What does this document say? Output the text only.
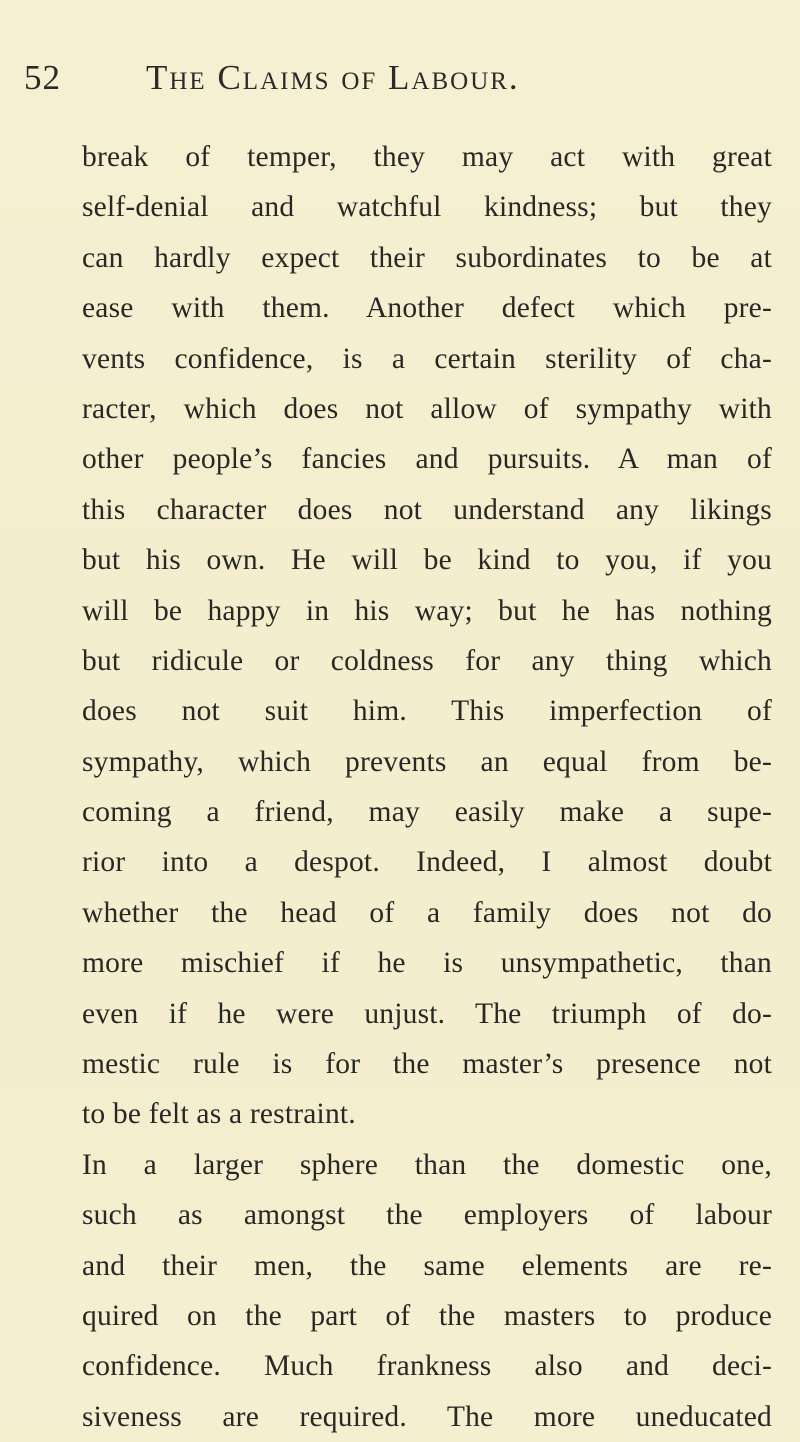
52 The Claims of Labour.
break of temper, they may act with great
self-denial and watchful kindness; but they
can hardly expect their subordinates to be at
ease with them. Another defect which pre-
vents confidence, is a certain sterility of cha-
racter, which does not allow of sympathy with
other people’s fancies and pursuits. A man of
this character does not understand any likings
but his own. He will be kind to you, if you
will be happy in his way; but he has nothing
but ridicule or coldness for any thing which
does not suit him. This imperfection of
sympathy, which prevents an equal from be-
coming a friend, may easily make a supe-
rior into a despot. Indeed, I almost doubt
whether the head of a family does not do
more mischief if he is unsympathetic, than
even if he were unjust. The triumph of do-
mestic rule is for the master’s presence not
to be felt as a restraint.
In a larger sphere than the domestic one,
such as amongst the employers of labour
and their men, the same elements are re-
quired on the part of the masters to produce
confidence. Much frankness also and deci-
siveness are required. The more uneducated
